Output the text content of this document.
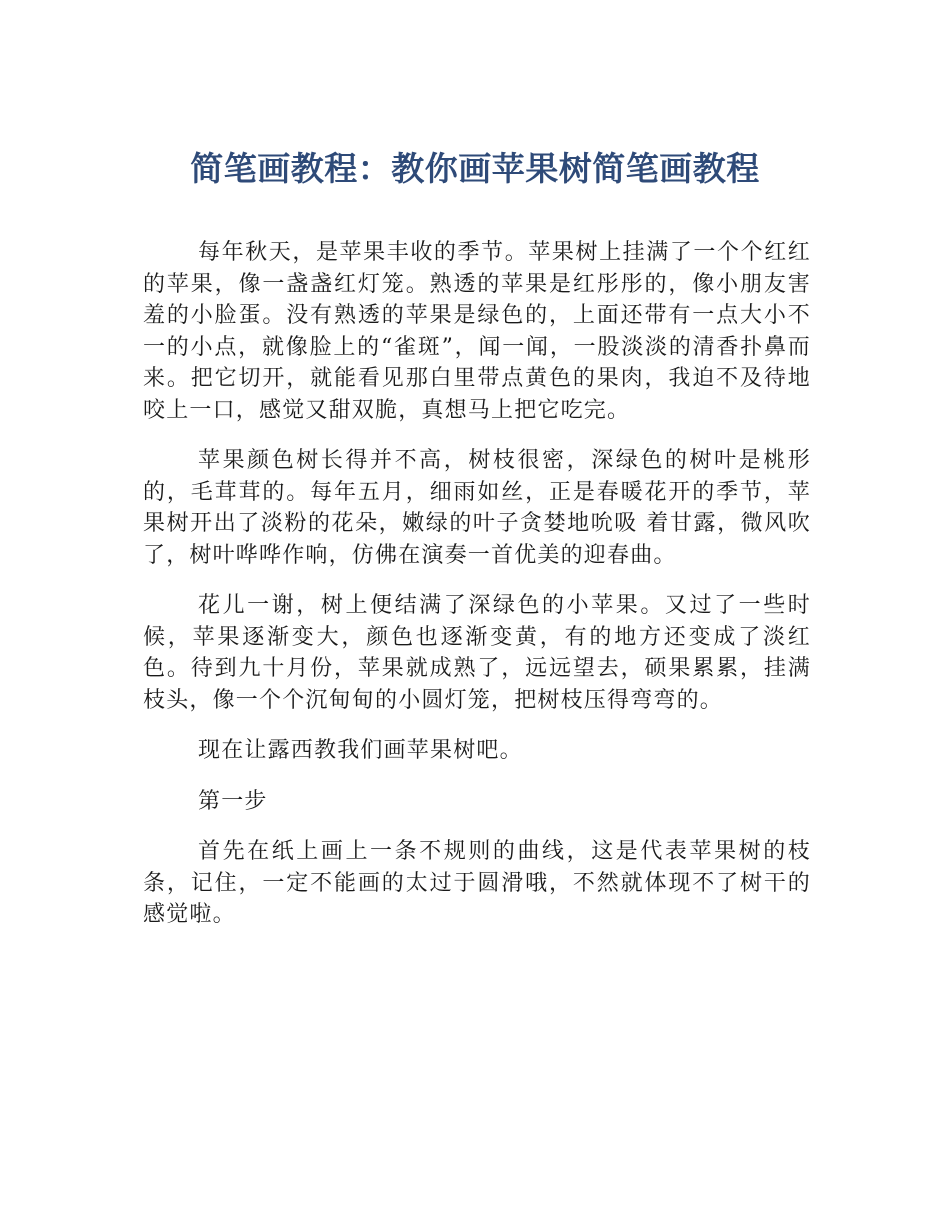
简笔画教程：教你画苹果树简笔画教程

每年秋天，是苹果丰收的季节。苹果树上挂满了一个个红红的苹果，像一盏盏红灯笼。熟透的苹果是红彤彤的，像小朋友害羞的小脸蛋。没有熟透的苹果是绿色的，上面还带有一点大小不一的小点，就像脸上的“雀斑”，闻一闻，一股淡淡的清香扑鼻而来。把它切开，就能看见那白里带点黄色的果肉，我迫不及待地咬上一口，感觉又甜双脆，真想马上把它吃完。

苹果颜色树长得并不高，树枝很密，深绿色的树叶是桃形的，毛茸茸的。每年五月，细雨如丝，正是春暖花开的季节，苹果树开出了淡粉的花朵，嫩绿的叶子贪婪地吮吸 着甘露，微风吹了，树叶哗哗作响，仿佛在演奏一首优美的迎春曲。

花儿一谢，树上便结满了深绿色的小苹果。又过了一些时候，苹果逐渐变大，颜色也逐渐变黄，有的地方还变成了淡红色。待到九十月份，苹果就成熟了，远远望去，硕果累累，挂满枝头，像一个个沉甸甸的小圆灯笼，把树枝压得弯弯的。

现在让露西教我们画苹果树吧。

第一步

首先在纸上画上一条不规则的曲线，这是代表苹果树的枝条，记住，一定不能画的太过于圆滑哦，不然就体现不了树干的感觉啦。
